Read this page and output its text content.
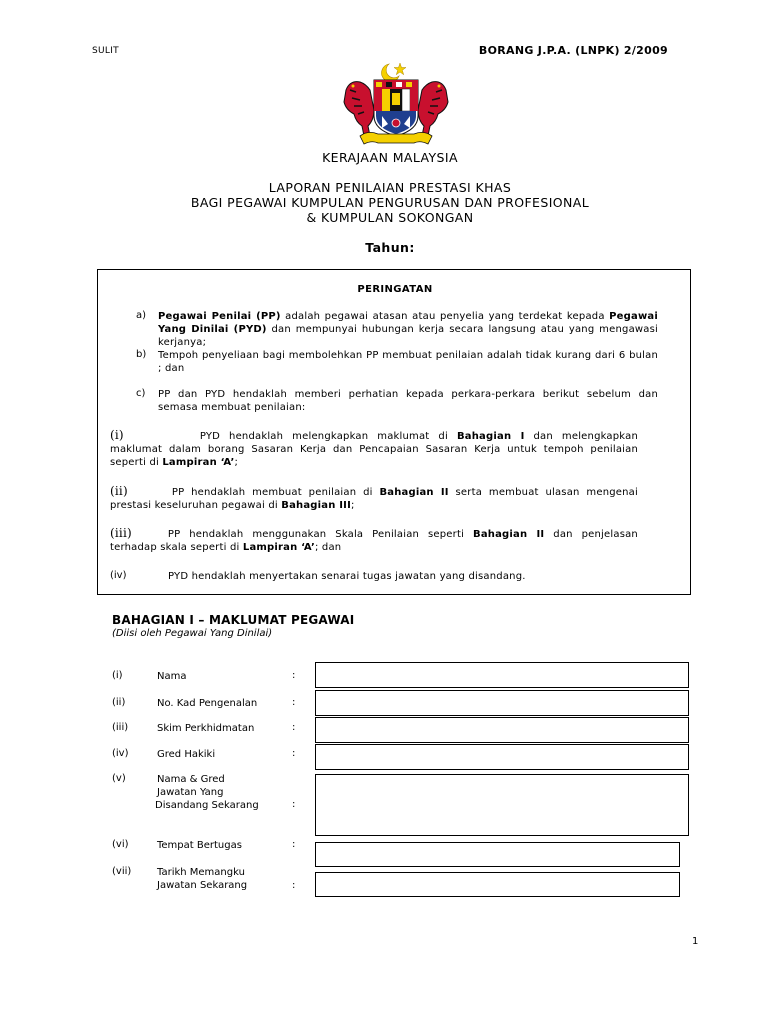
SULIT	BORANG J.P.A. (LNPK) 2/2009
KERAJAAN MALAYSIA
LAPORAN PENILAIAN PRESTASI KHAS
BAGI PEGAWAI KUMPULAN PENGURUSAN DAN PROFESIONAL
& KUMPULAN SOKONGAN
Tahun:
PERINGATAN
a) Pegawai Penilai (PP) adalah pegawai atasan atau penyelia yang terdekat kepada Pegawai Yang Dinilai (PYD) dan mempunyai hubungan kerja secara langsung atau yang mengawasi kerjanya;
b) Tempoh penyeliaan bagi membolehkan PP membuat penilaian adalah tidak kurang dari 6 bulan ; dan
c) PP dan PYD hendaklah memberi perhatian kepada perkara-perkara berikut sebelum dan semasa membuat penilaian:
(i)	PYD hendaklah melengkapkan maklumat di Bahagian I dan melengkapkan maklumat dalam borang Sasaran Kerja dan Pencapaian Sasaran Kerja untuk tempoh penilaian seperti di Lampiran ‘A’;
(ii)	PP hendaklah membuat penilaian di Bahagian II serta membuat ulasan mengenai prestasi keseluruhan pegawai di Bahagian III;
(iii)	PP hendaklah menggunakan Skala Penilaian seperti Bahagian II dan penjelasan terhadap skala seperti di Lampiran ‘A’; dan
(iv)	PYD hendaklah menyertakan senarai tugas jawatan yang disandang.
BAHAGIAN I – MAKLUMAT PEGAWAI
(Diisi oleh Pegawai Yang Dinilai)
(i)	Nama	:
(ii)	No. Kad Pengenalan	:
(iii)	Skim Perkhidmatan	:
(iv)	Gred Hakiki	:
(v)	Nama & Gred
Jawatan Yang
Disandang Sekarang	:
(vi)	Tempat Bertugas	:
(vii)	Tarikh Memangku
Jawatan Sekarang	:
1
